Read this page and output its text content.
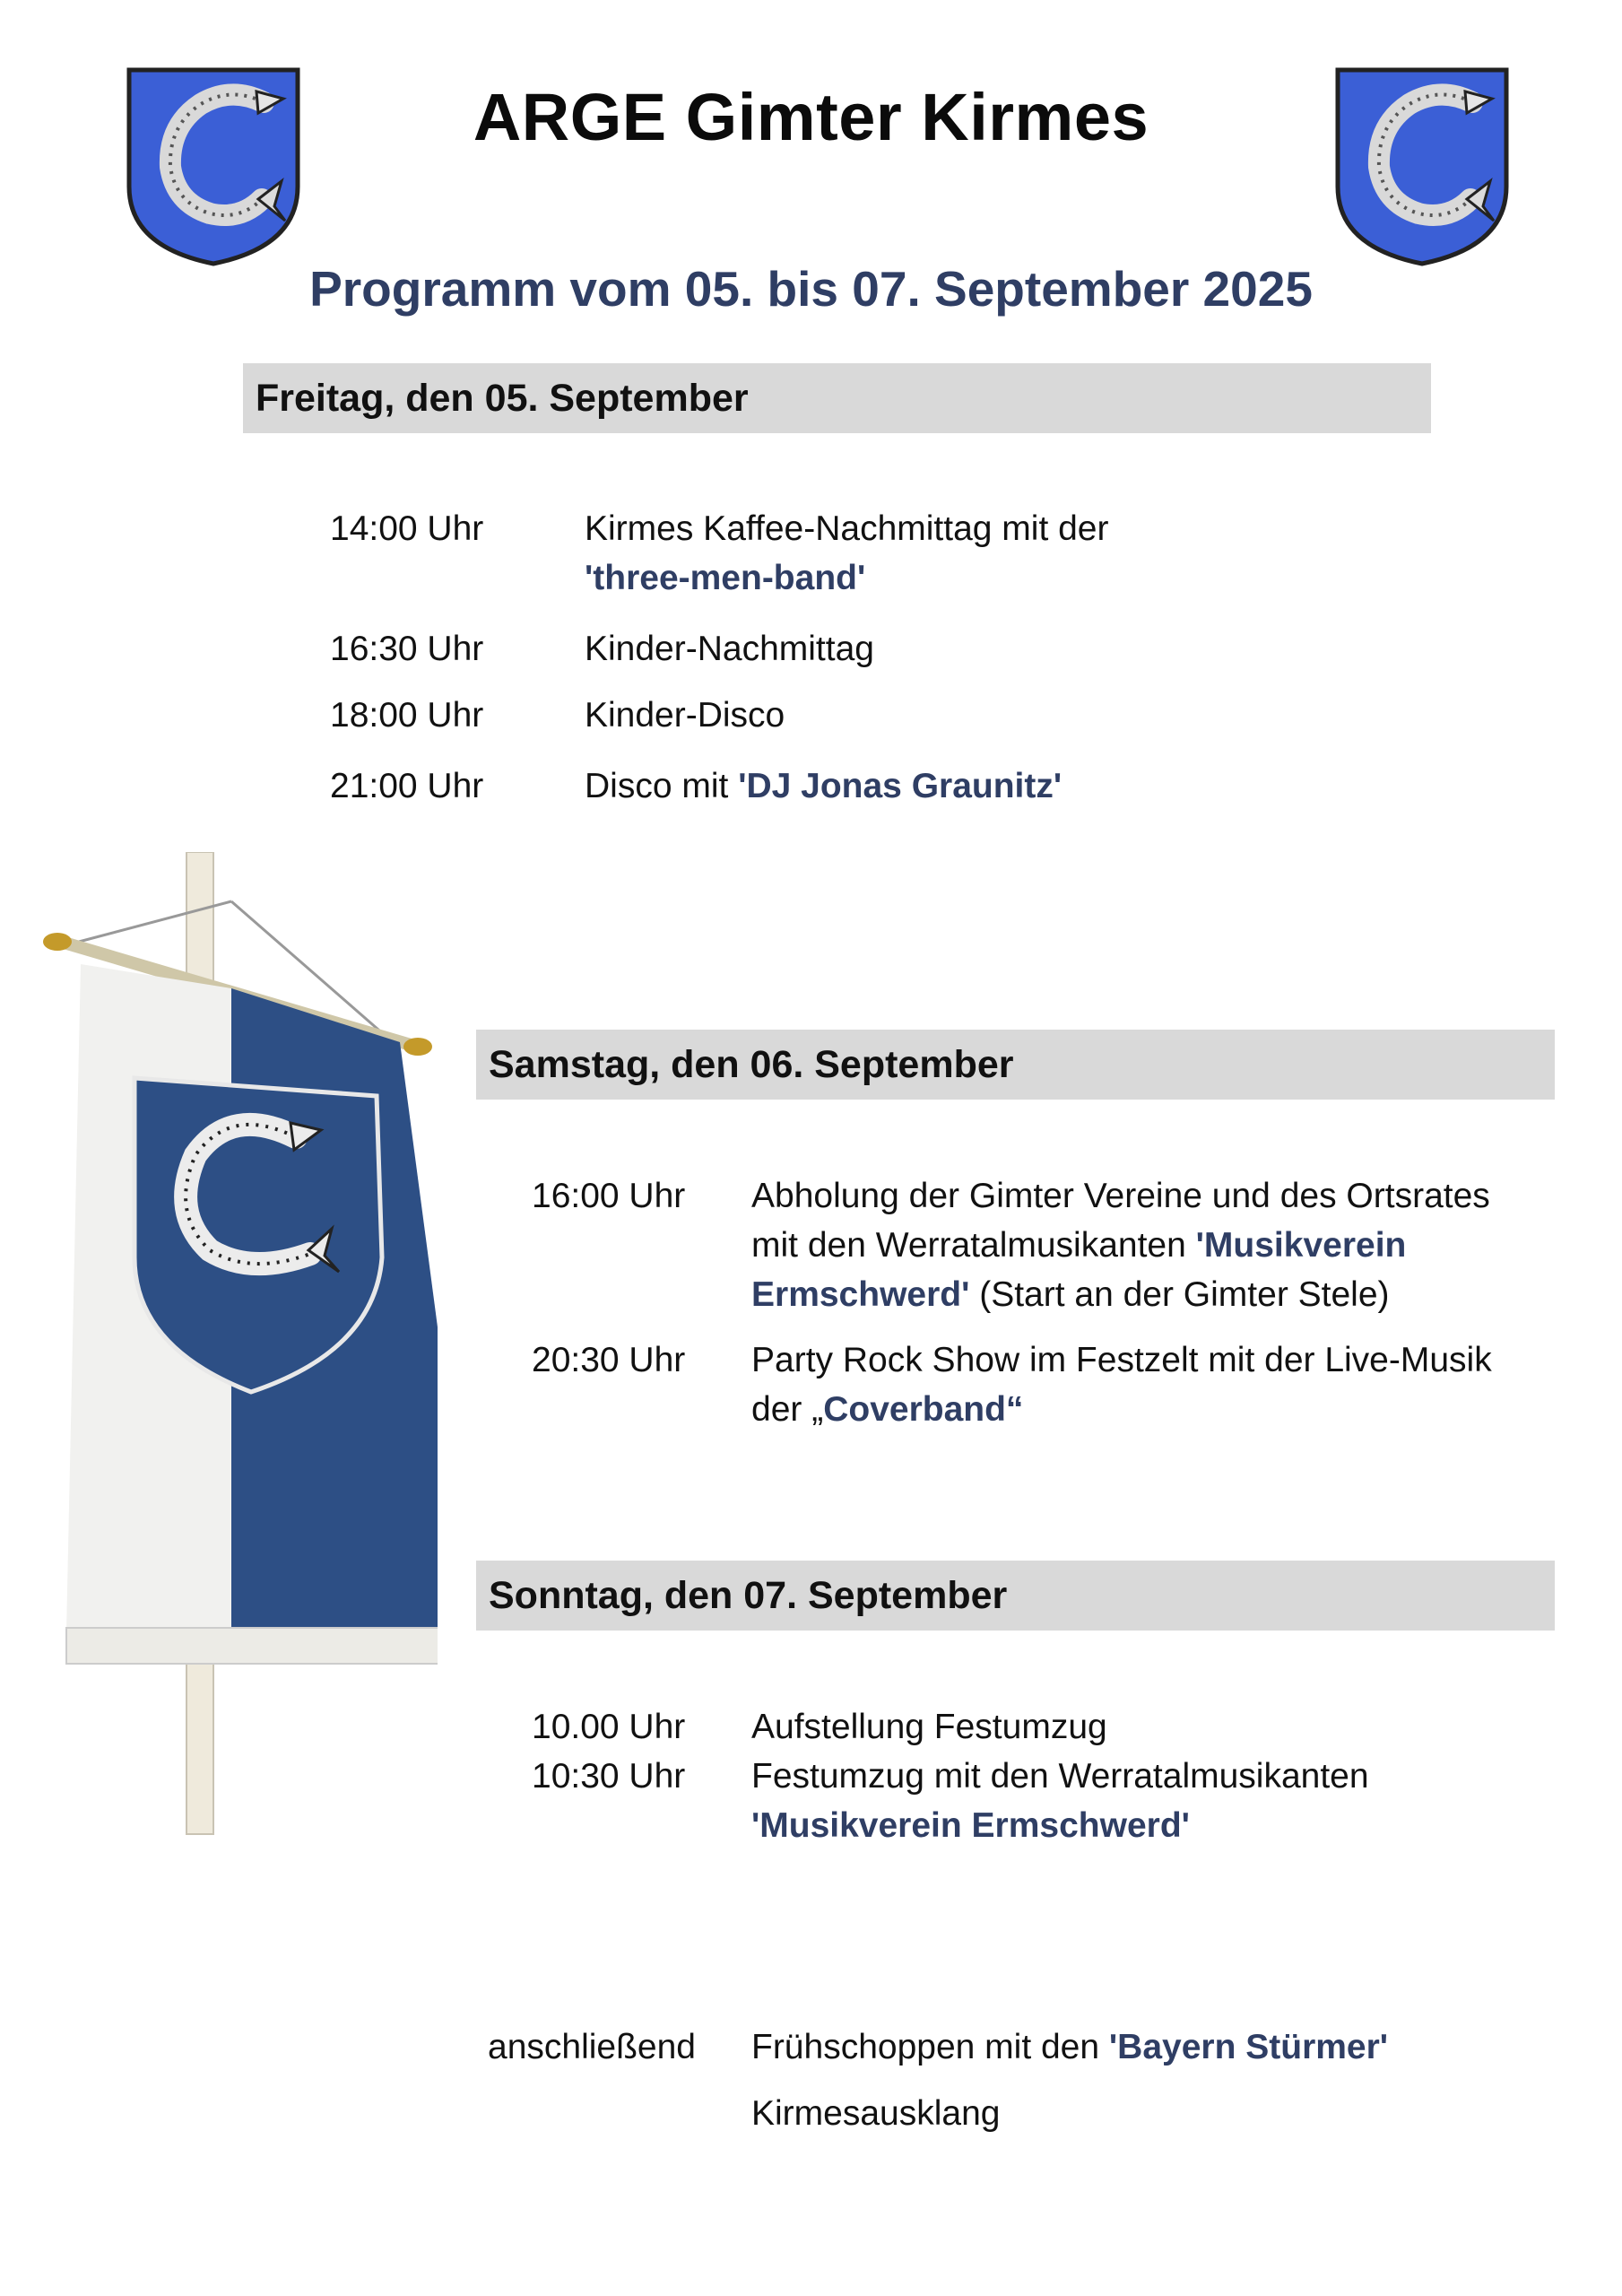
ARGE Gimter Kirmes
Programm vom 05. bis 07. September 2025
Freitag, den 05. September
14:00 Uhr	Kirmes Kaffee-Nachmittag mit der
'three-men-band'
16:30 Uhr	Kinder-Nachmittag
18:00 Uhr	Kinder-Disco
21:00 Uhr	Disco mit 'DJ Jonas Graunitz'
Samstag, den 06. September
16:00 Uhr Abholung der Gimter Vereine und des Ortsrates
mit den Werratalmusikanten 'Musikverein
Ermschwerd' (Start an der Gimter Stele)
20:30 Uhr Party Rock Show im Festzelt mit der Live-Musik
der „Coverband“
Sonntag, den 07. September
10.00 Uhr Aufstellung Festumzug
10:30 Uhr Festumzug mit den Werratalmusikanten
'Musikverein Ermschwerd'
anschließend Frühschoppen mit den 'Bayern Stürmer'
Kirmesausklang
